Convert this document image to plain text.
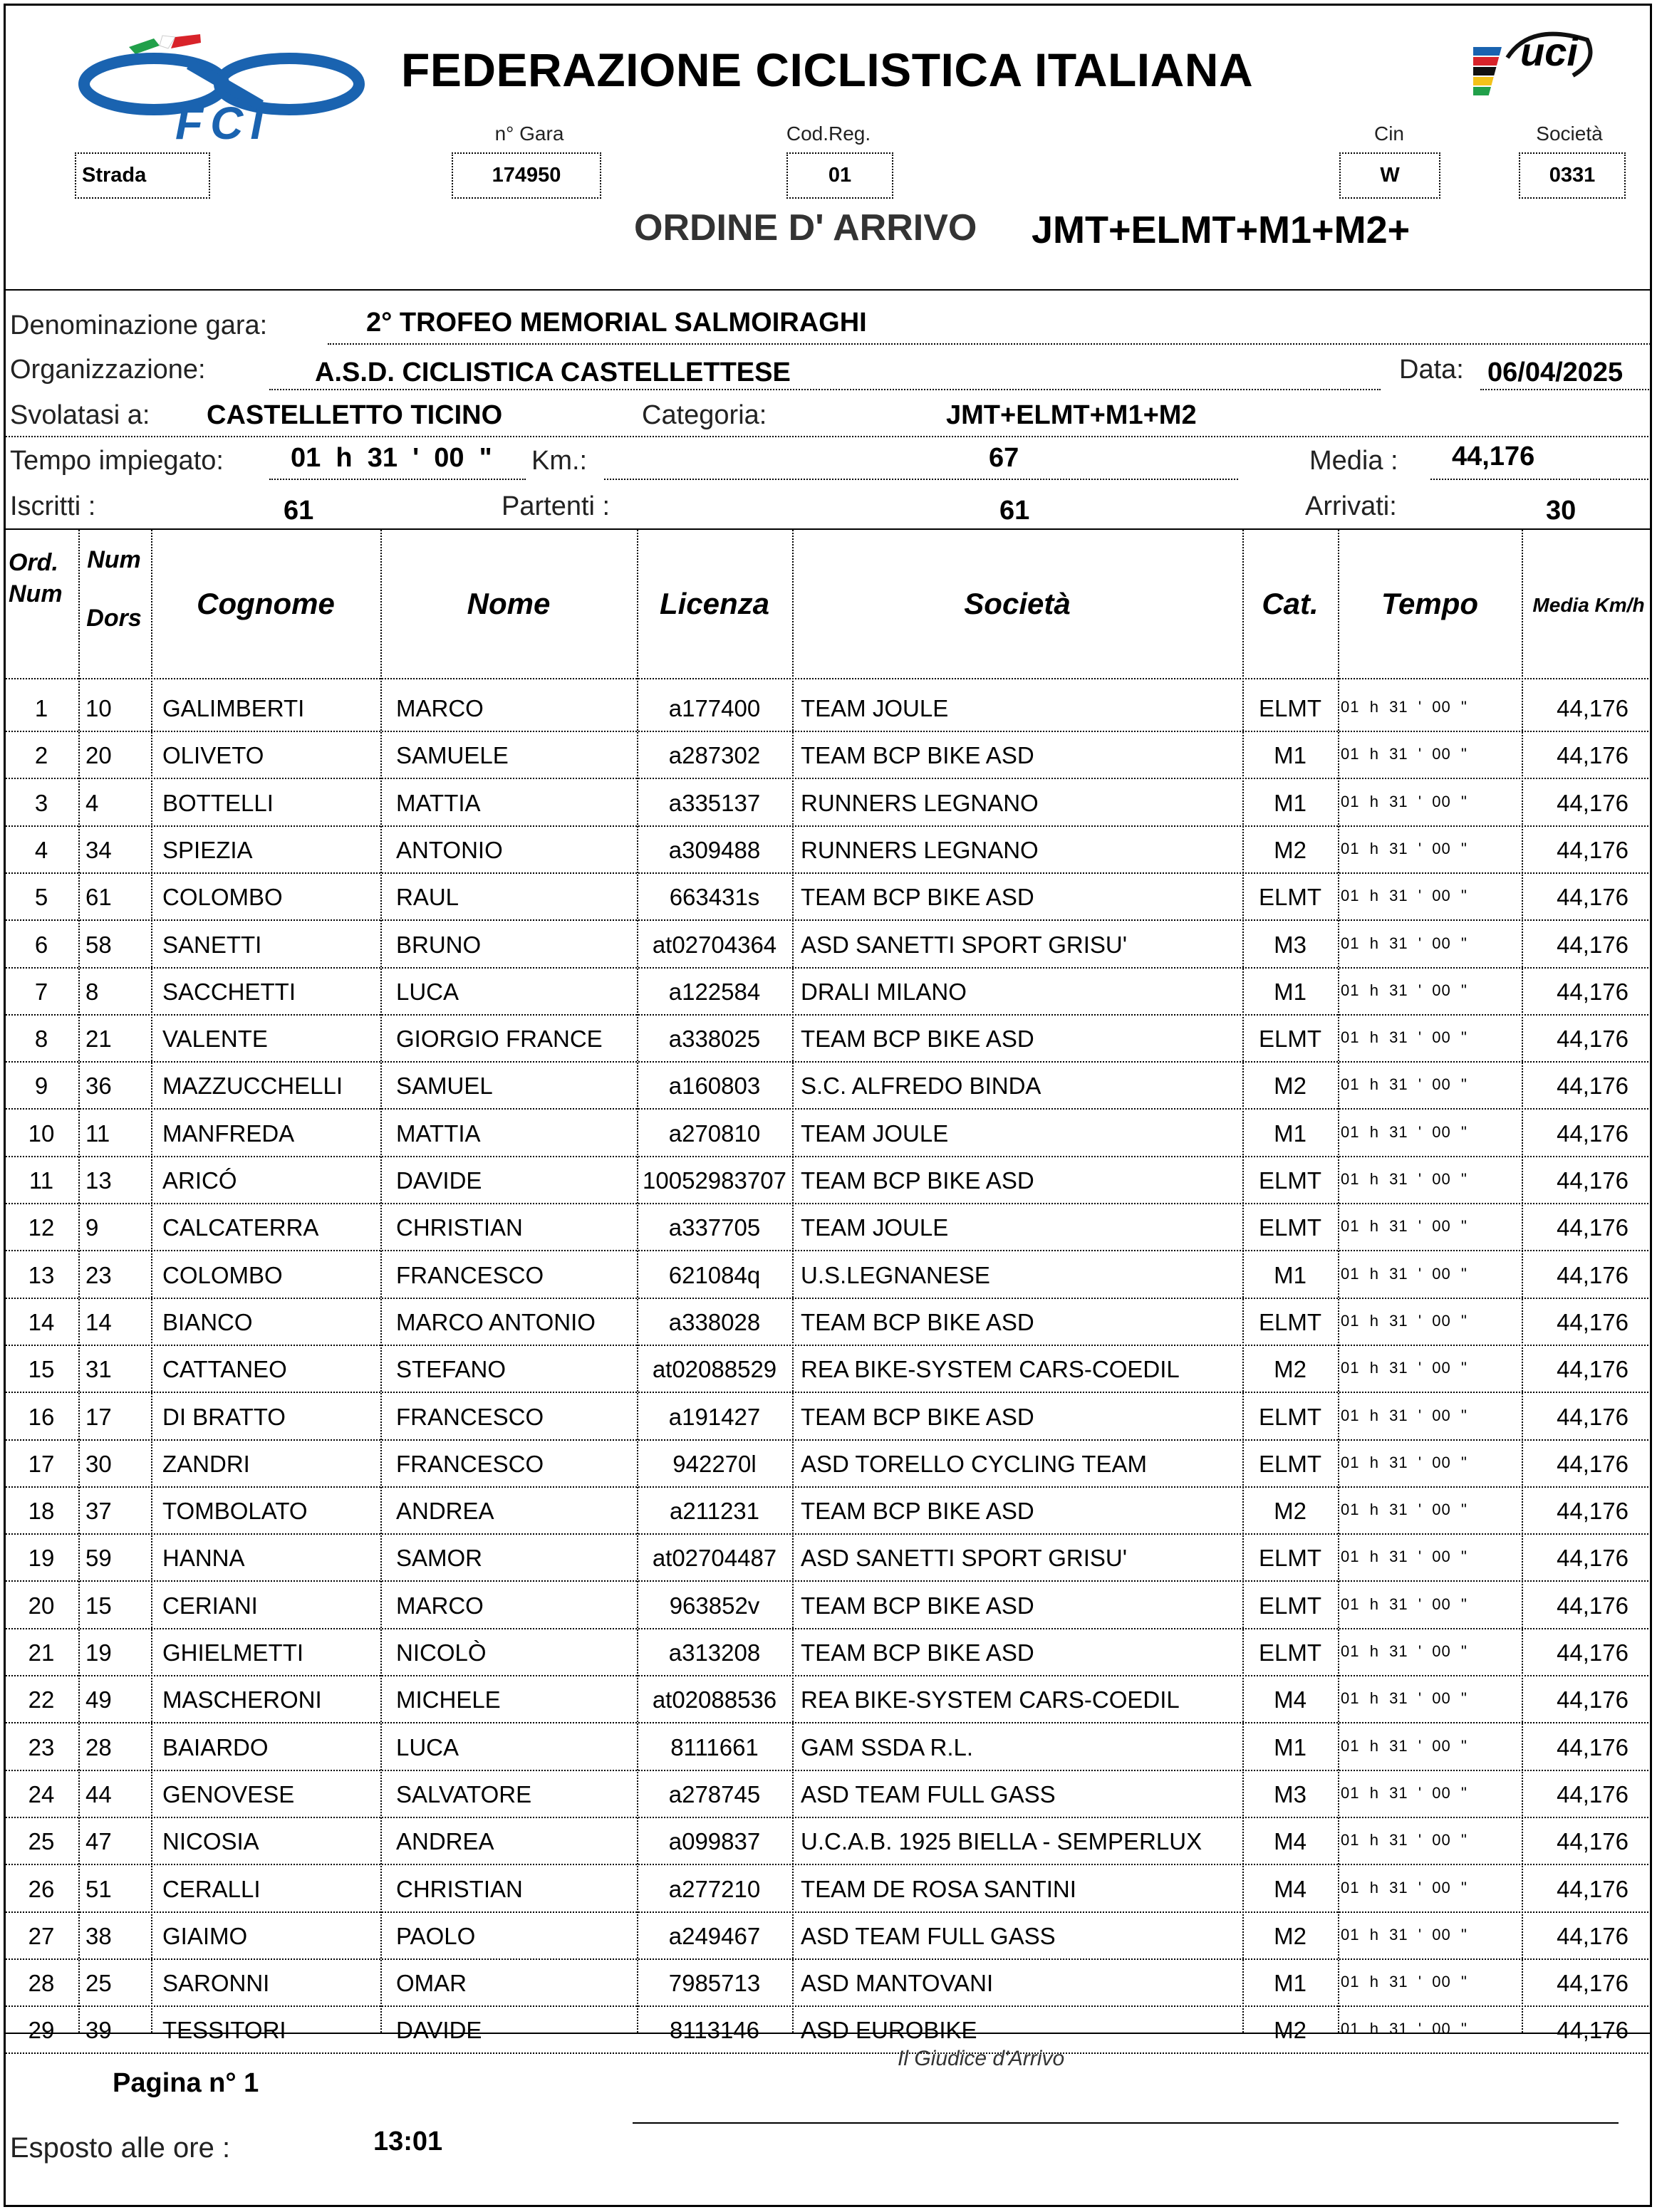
FCI
FEDERAZIONE CICLISTICA ITALIANA	uci
Strada
n° Gara
174950
Cod.Reg.
01
Cin
W
Società
0331
ORDINE D' ARRIVO JMT+ELMT+M1+M2+
Denominazione gara:	2° TROFEO MEMORIAL SALMOIRAGHI
Organizzazione:	A.S.D. CICLISTICA CASTELLETTESE	Data: 06/04/2025
Svolatasi a: CASTELLETTO TICINO	Categoria:	JMT+ELMT+M1+M2
Tempo impiegato: 01  h  31  '  00  " Km.:	67	Media : 44,176
Iscritti :	61	Partenti :	61	Arrivati:	30
Ord.
Num
Num
Dors	Cognome	Nome	Licenza	Società	Cat.	Tempo	Media Km/h
1	10	GALIMBERTI	MARCO	a177400	TEAM JOULE	ELMT	01  h  31  '  00  "	44,176
2	20	OLIVETO	SAMUELE	a287302	TEAM BCP BIKE ASD	M1	01  h  31  '  00  "	44,176
3	4	BOTTELLI	MATTIA	a335137	RUNNERS LEGNANO	M1	01  h  31  '  00  "	44,176
4	34	SPIEZIA	ANTONIO	a309488	RUNNERS LEGNANO	M2	01  h  31  '  00  "	44,176
5	61	COLOMBO	RAUL	663431s	TEAM BCP BIKE ASD	ELMT	01  h  31  '  00  "	44,176
6	58	SANETTI	BRUNO	at02704364	ASD SANETTI SPORT GRISU'	M3	01  h  31  '  00  "	44,176
7	8	SACCHETTI	LUCA	a122584	DRALI MILANO	M1	01  h  31  '  00  "	44,176
8	21	VALENTE	GIORGIO FRANCE	a338025	TEAM BCP BIKE ASD	ELMT	01  h  31  '  00  "	44,176
9	36	MAZZUCCHELLI	SAMUEL	a160803	S.C. ALFREDO BINDA	M2	01  h  31  '  00  "	44,176
10	11	MANFREDA	MATTIA	a270810	TEAM JOULE	M1	01  h  31  '  00  "	44,176
11	13	ARICÓ	DAVIDE	10052983707 TEAM BCP BIKE ASD	ELMT	01  h  31  '  00  "	44,176
12	9	CALCATERRA	CHRISTIAN	a337705	TEAM JOULE	ELMT	01  h  31  '  00  "	44,176
13	23	COLOMBO	FRANCESCO	621084q	U.S.LEGNANESE	M1	01  h  31  '  00  "	44,176
14	14	BIANCO	MARCO ANTONIO	a338028	TEAM BCP BIKE ASD	ELMT	01  h  31  '  00  "	44,176
15	31	CATTANEO	STEFANO	at02088529	REA BIKE-SYSTEM CARS-COEDIL	M2	01  h  31  '  00  "	44,176
16	17	DI BRATTO	FRANCESCO	a191427	TEAM BCP BIKE ASD	ELMT	01  h  31  '  00  "	44,176
17	30	ZANDRI	FRANCESCO	942270l	ASD TORELLO CYCLING TEAM	ELMT	01  h  31  '  00  "	44,176
18	37	TOMBOLATO	ANDREA	a211231	TEAM BCP BIKE ASD	M2	01  h  31  '  00  "	44,176
19	59	HANNA	SAMOR	at02704487	ASD SANETTI SPORT GRISU'	ELMT	01  h  31  '  00  "	44,176
20	15	CERIANI	MARCO	963852v	TEAM BCP BIKE ASD	ELMT	01  h  31  '  00  "	44,176
21	19	GHIELMETTI	NICOLÒ	a313208	TEAM BCP BIKE ASD	ELMT	01  h  31  '  00  "	44,176
22	49	MASCHERONI	MICHELE	at02088536	REA BIKE-SYSTEM CARS-COEDIL	M4	01  h  31  '  00  "	44,176
23	28	BAIARDO	LUCA	8111661	GAM SSDA R.L.	M1	01  h  31  '  00  "	44,176
24	44	GENOVESE	SALVATORE	a278745	ASD TEAM FULL GASS	M3	01  h  31  '  00  "	44,176
25	47	NICOSIA	ANDREA	a099837	U.C.A.B. 1925 BIELLA - SEMPERLUX	M4	01  h  31  '  00  "	44,176
26	51	CERALLI	CHRISTIAN	a277210	TEAM DE ROSA SANTINI	M4	01  h  31  '  00  "	44,176
27	38	GIAIMO	PAOLO	a249467	ASD TEAM FULL GASS	M2	01  h  31  '  00  "	44,176
28	25	SARONNI	OMAR	7985713	ASD MANTOVANI	M1	01  h  31  '  00  "	44,176
29	39	TESSITORI	DAVIDE	8113146	ASD EUROBIKE	M2	01  h  31  '  00  "	44,176
Pagina n° 1
Il Giudice d'Arrivo
Esposto alle ore :	13:01
